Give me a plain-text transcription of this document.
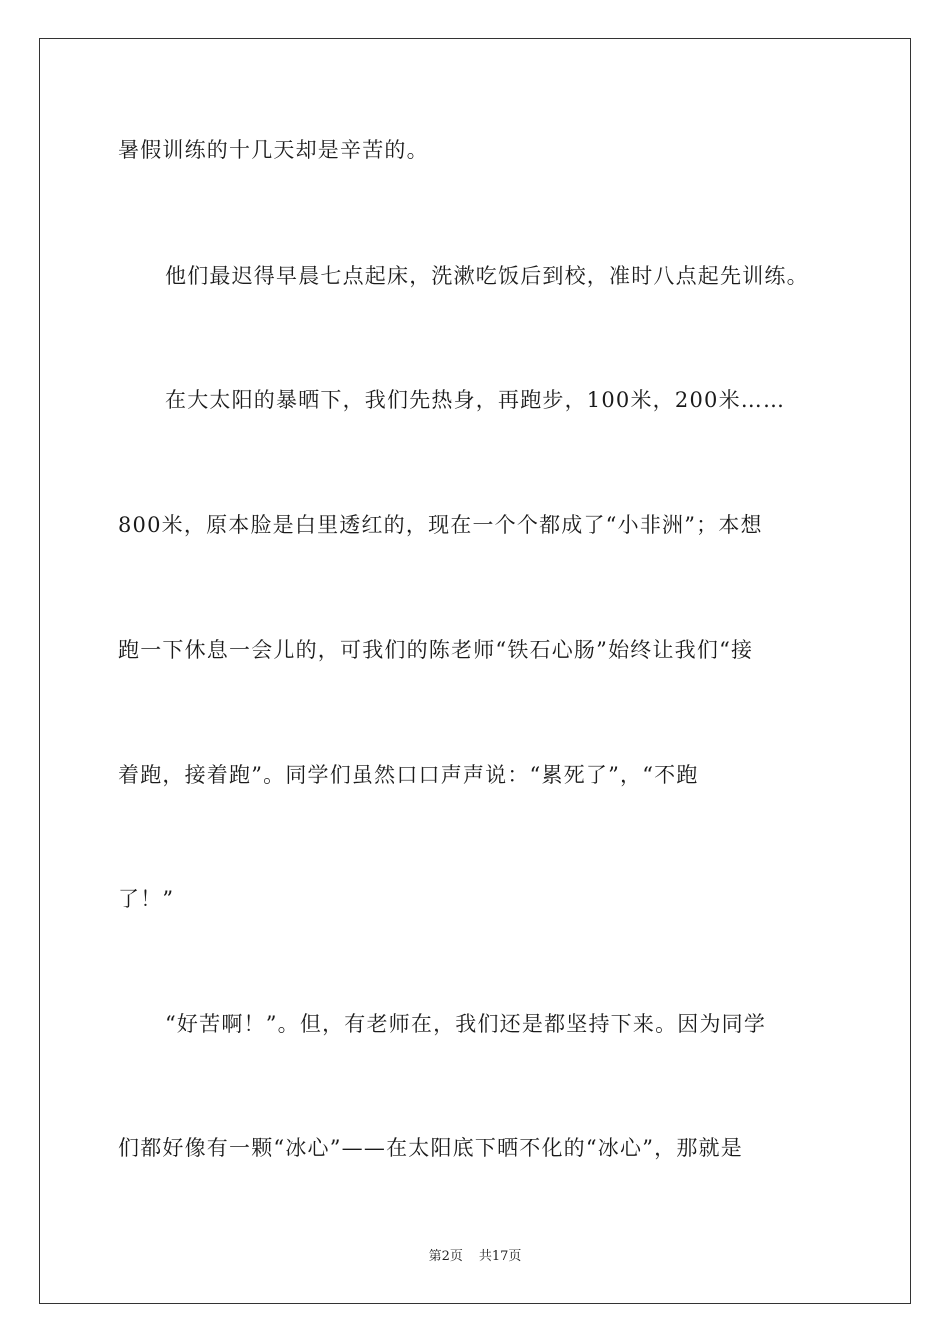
暑假训练的十几天却是辛苦的。
他们最迟得早晨七点起床，洗漱吃饭后到校，准时八点起先训练。
在大太阳的暴晒下，我们先热身，再跑步，100米，200米……
800米，原本脸是白里透红的，现在一个个都成了“小非洲”；本想
跑一下休息一会儿的，可我们的陈老师“铁石心肠”始终让我们“接
着跑，接着跑”。同学们虽然口口声声说：“累死了”，“不跑
了！”
“好苦啊！”。但，有老师在，我们还是都坚持下来。因为同学
们都好像有一颗“冰心”——在太阳底下晒不化的“冰心”，那就是
第2页 共17页
